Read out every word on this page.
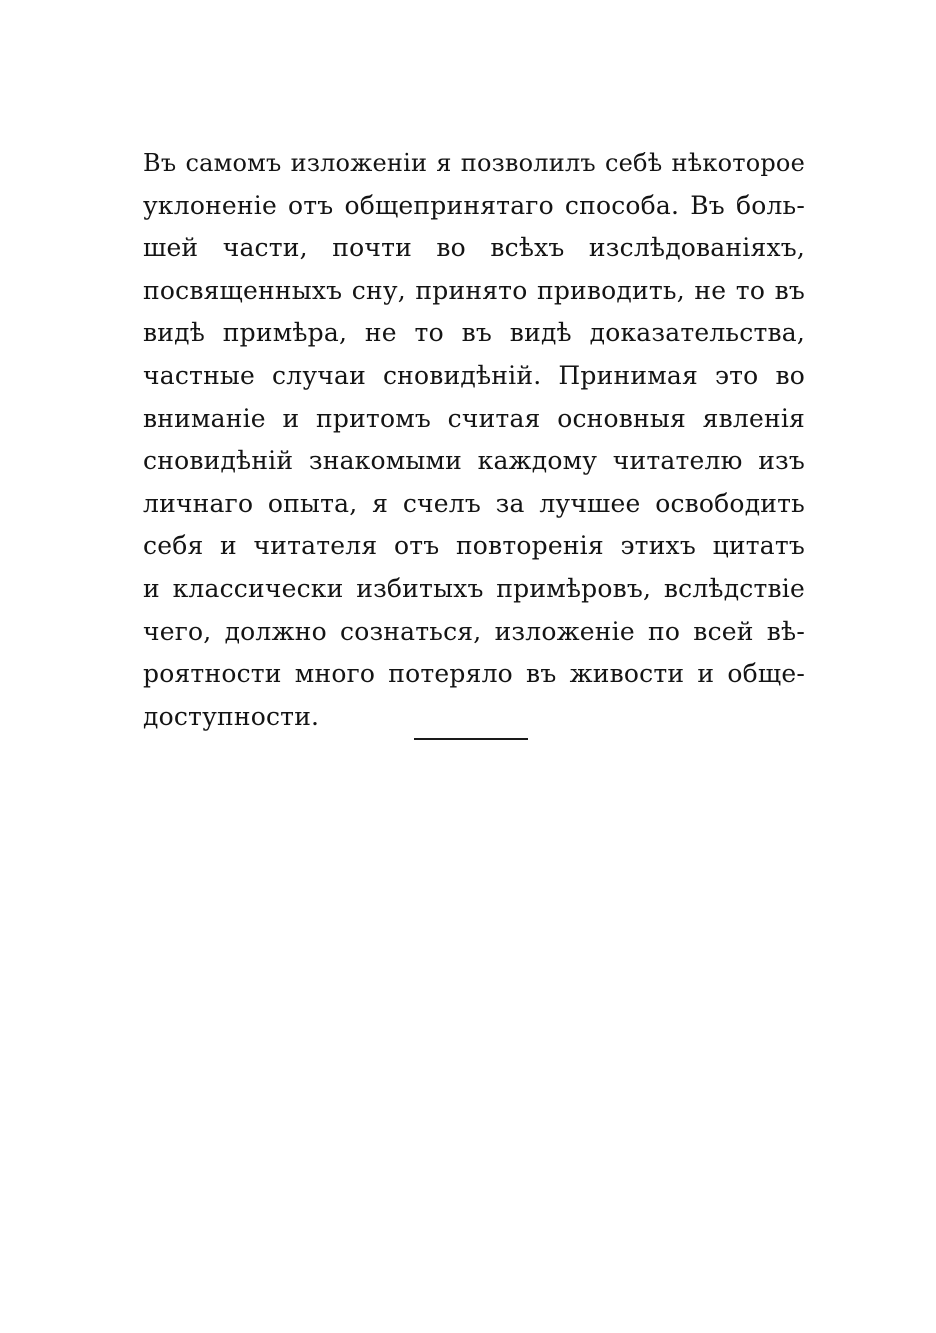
Въ самомъ изложеніи я позволилъ себѣ нѣкоторое
уклоненіе отъ общепринятаго способа. Въ боль-
шей части, почти во всѣхъ изслѣдованіяхъ,
посвященныхъ сну, принято приводить, не то въ
видѣ примѣра, не то въ видѣ доказательства,
частные случаи сновидѣній. Принимая это во
вниманіе и притомъ считая основныя явленія
сновидѣній знакомыми каждому читателю изъ
личнаго опыта, я счелъ за лучшее освободить
себя и читателя отъ повторенія этихъ цитатъ
и классически избитыхъ примѣровъ, вслѣдствіе
чего, должно сознаться, изложеніе по всей вѣ-
роятности много потеряло въ живости и обще-
доступности.
